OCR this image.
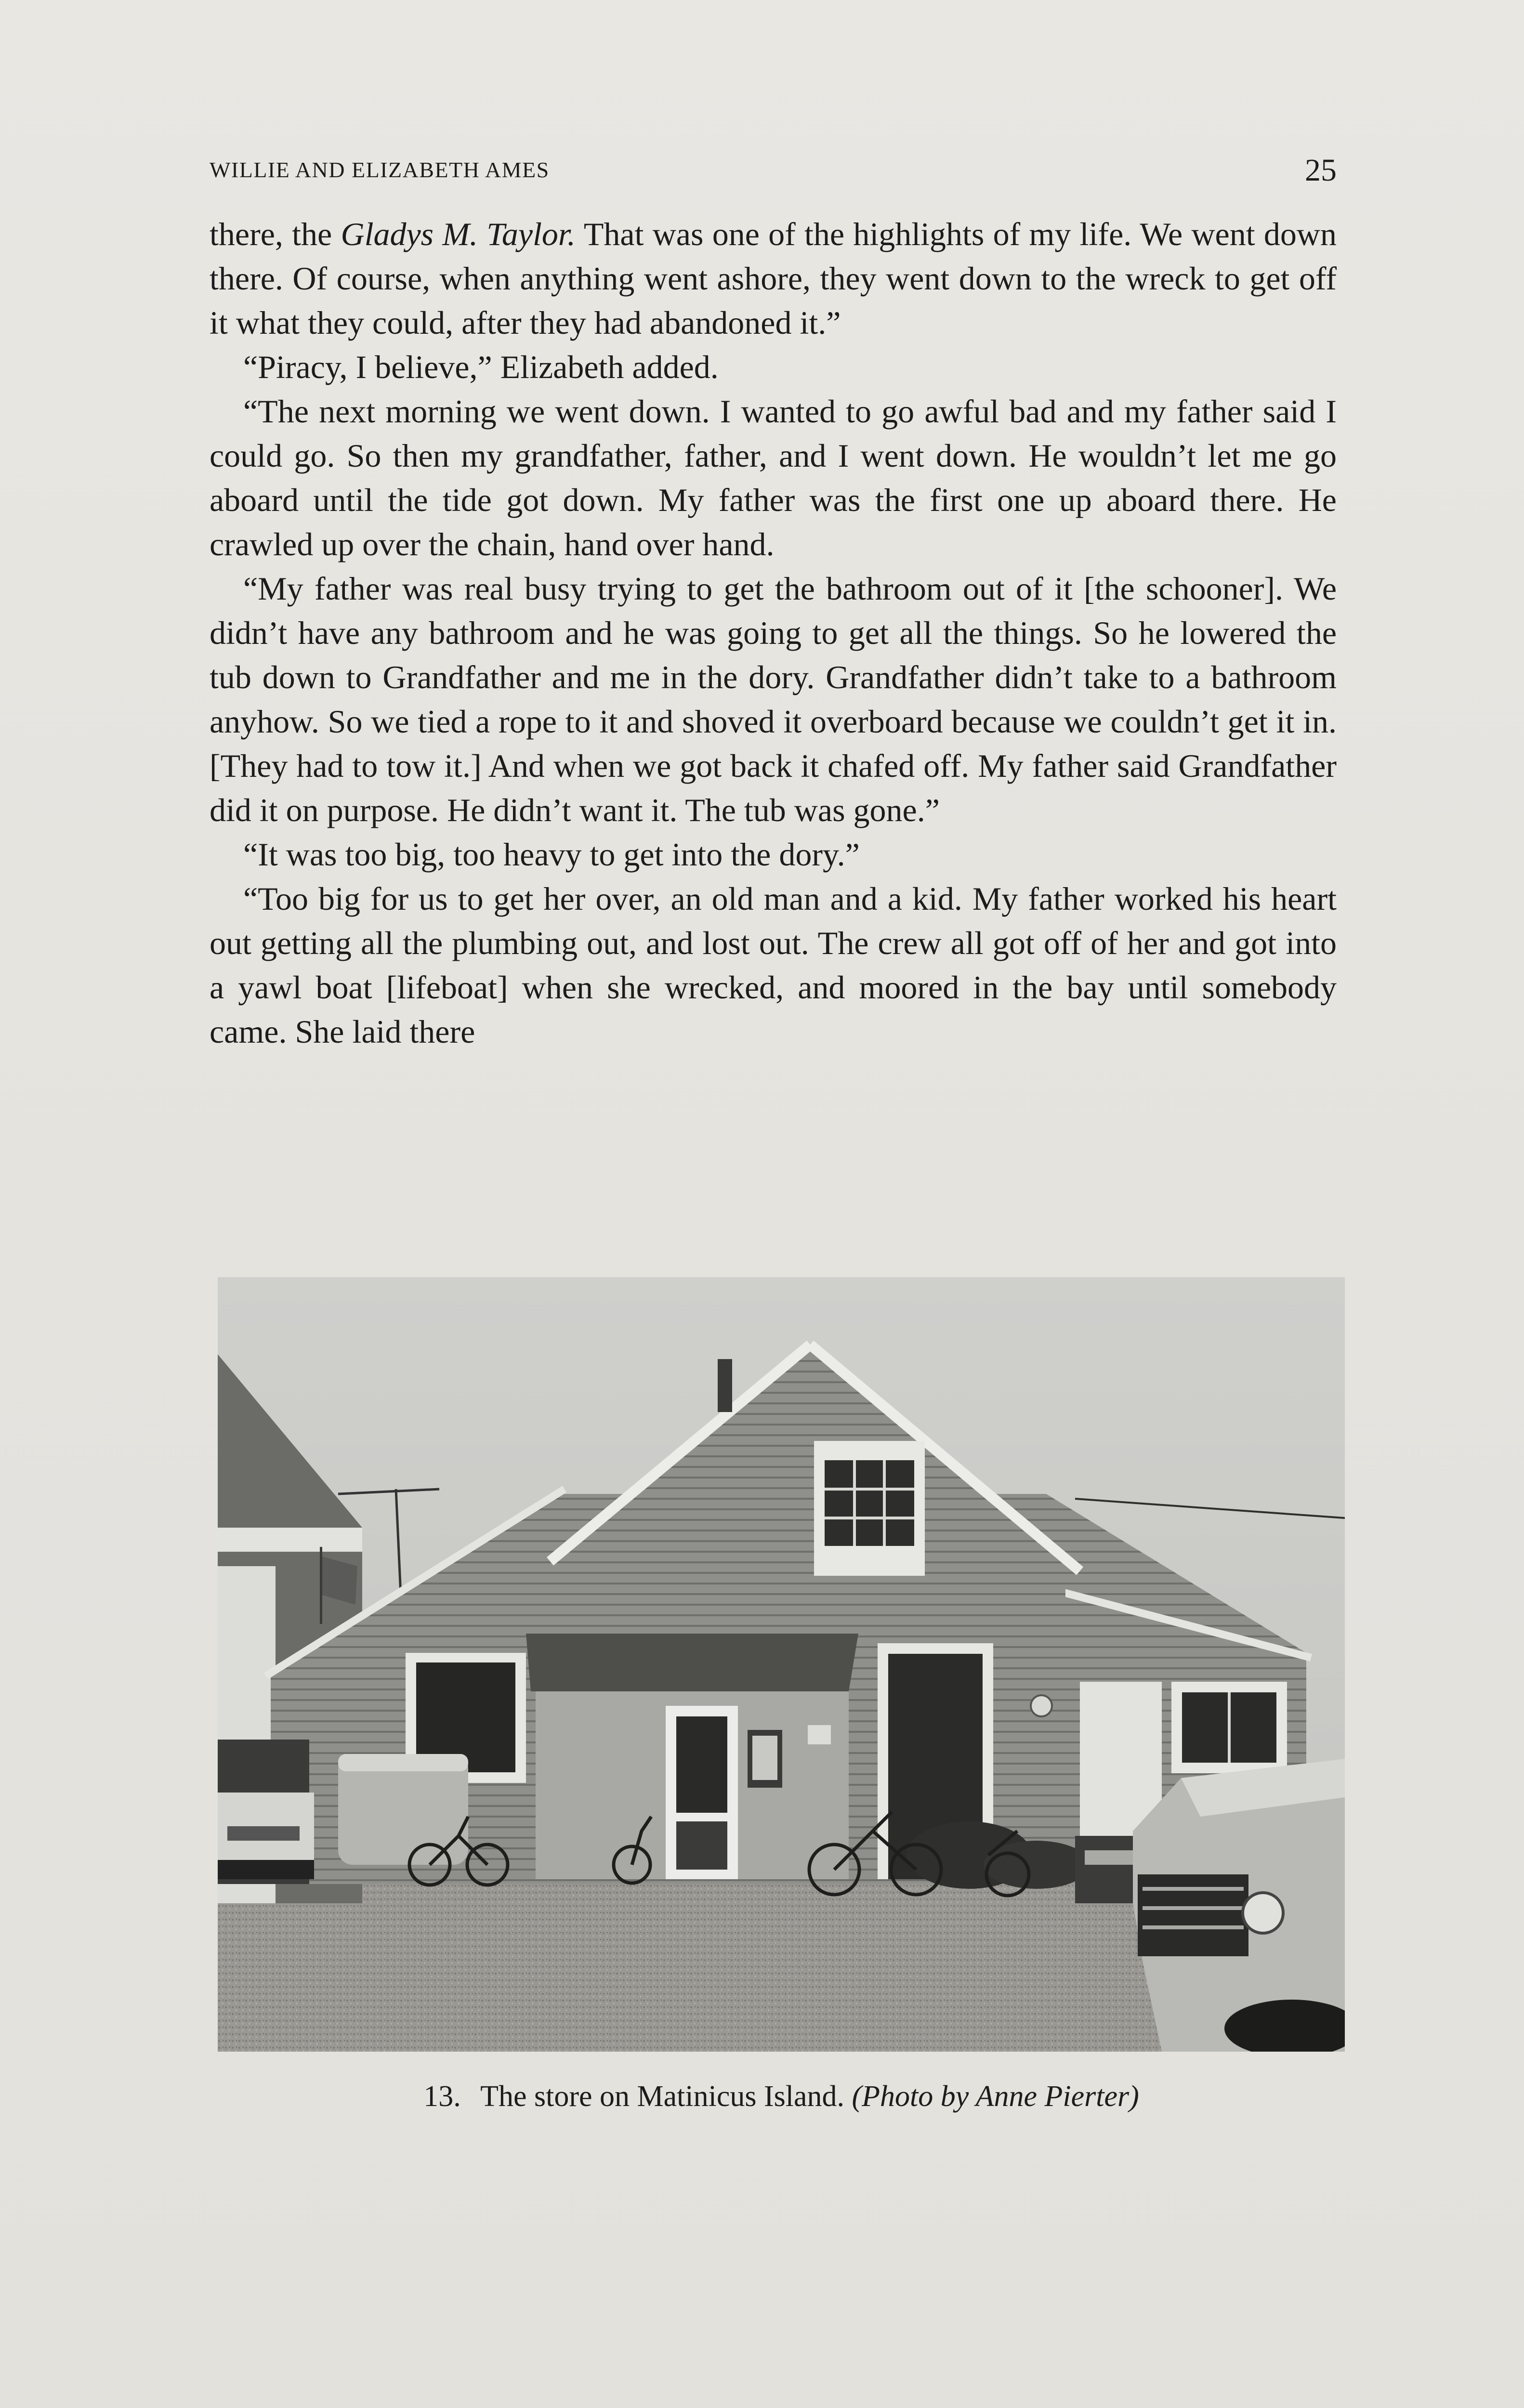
WILLIE AND ELIZABETH AMES	25

there, the Gladys M. Taylor. That was one of the highlights of my life. We went down there. Of course, when anything went ashore, they went down to the wreck to get off it what they could, after they had abandoned it.”

“Piracy, I believe,” Elizabeth added.

“The next morning we went down. I wanted to go awful bad and my father said I could go. So then my grandfather, father, and I went down. He wouldn’t let me go aboard until the tide got down. My father was the first one up aboard there. He crawled up over the chain, hand over hand.

“My father was real busy trying to get the bathroom out of it [the schooner]. We didn’t have any bathroom and he was going to get all the things. So he lowered the tub down to Grandfather and me in the dory. Grandfather didn’t take to a bathroom anyhow. So we tied a rope to it and shoved it overboard because we couldn’t get it in. [They had to tow it.] And when we got back it chafed off. My father said Grandfather did it on purpose. He didn’t want it. The tub was gone.”

“It was too big, too heavy to get into the dory.”

“Too big for us to get her over, an old man and a kid. My father worked his heart out getting all the plumbing out, and lost out. The crew all got off of her and got into a yawl boat [lifeboat] when she wrecked, and moored in the bay until somebody came. She laid there

13. The store on Matinicus Island. (Photo by Anne Pierter)
